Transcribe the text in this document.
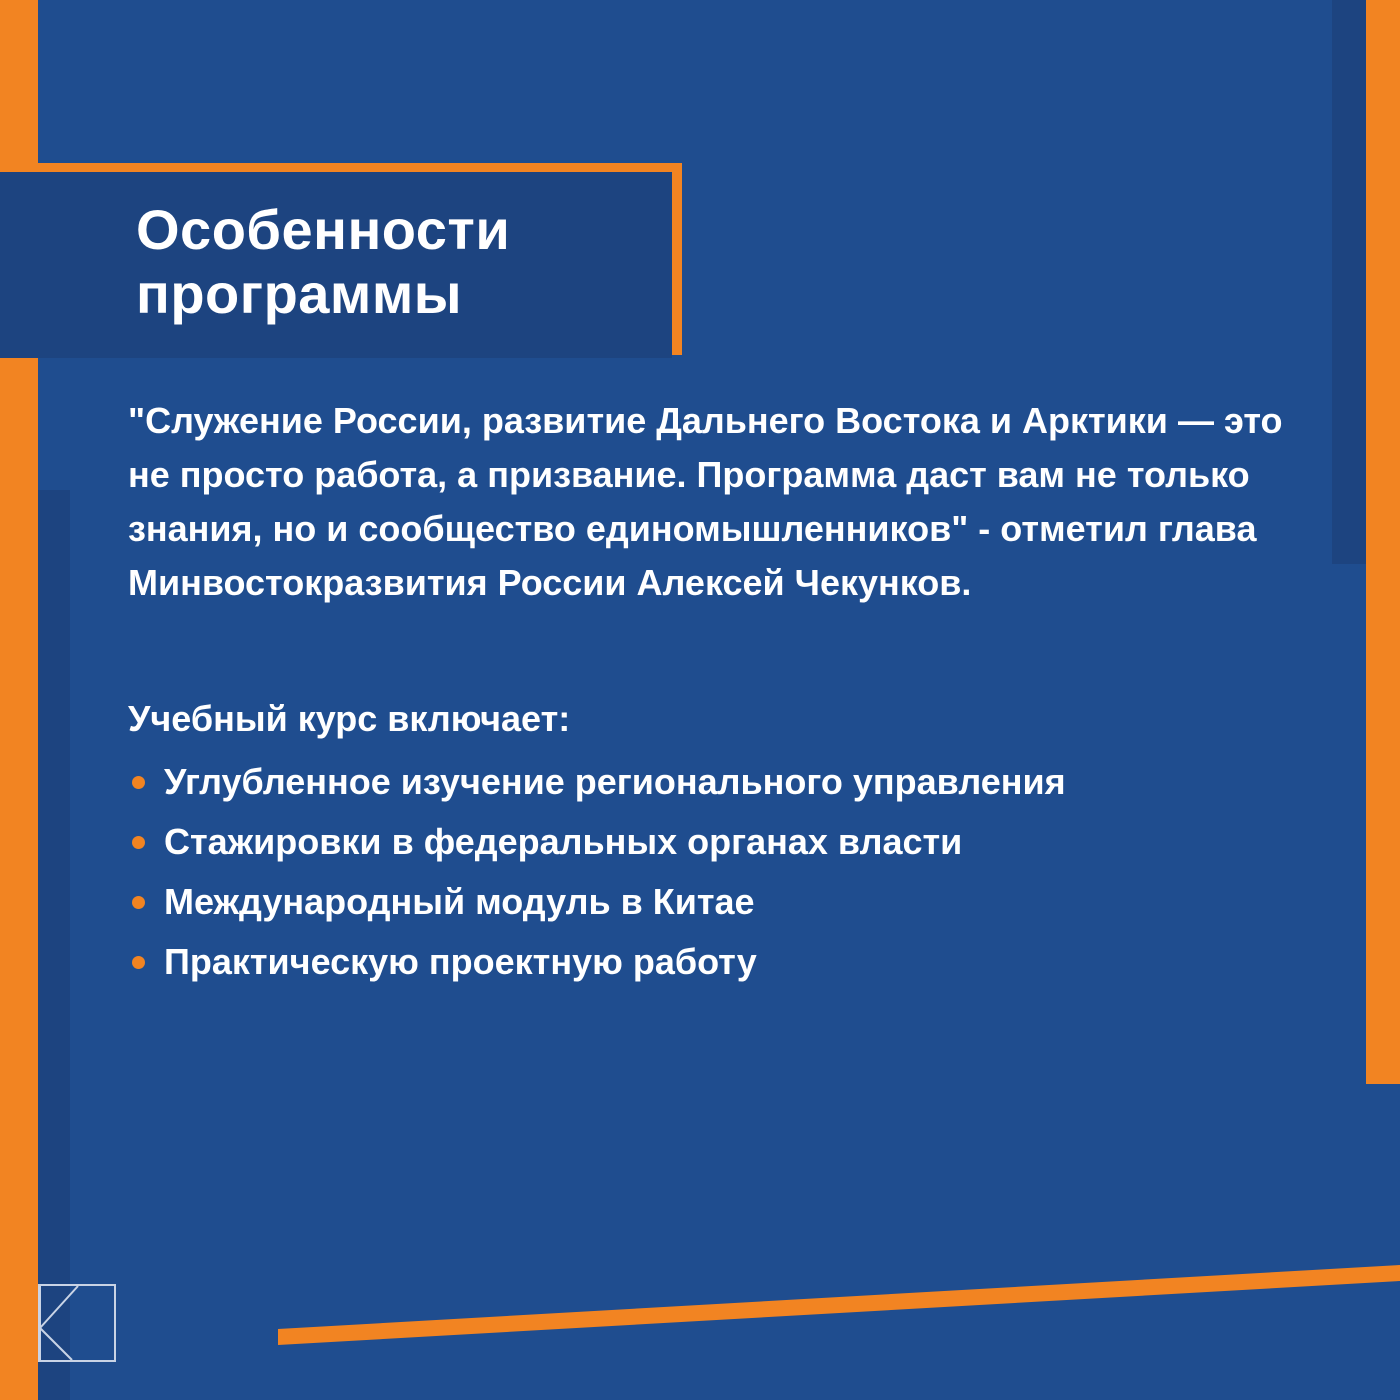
Особенности программы

"Служение России, развитие Дальнего Востока и Арктики — это не просто работа, а призвание. Программа даст вам не только знания, но и сообщество единомышленников" - отметил глава Минвостокразвития России Алексей Чекунков.

Учебный курс включает:

Углубленное изучение регионального управления
Стажировки в федеральных органах власти
Международный модуль в Китае
Практическую проектную работу
